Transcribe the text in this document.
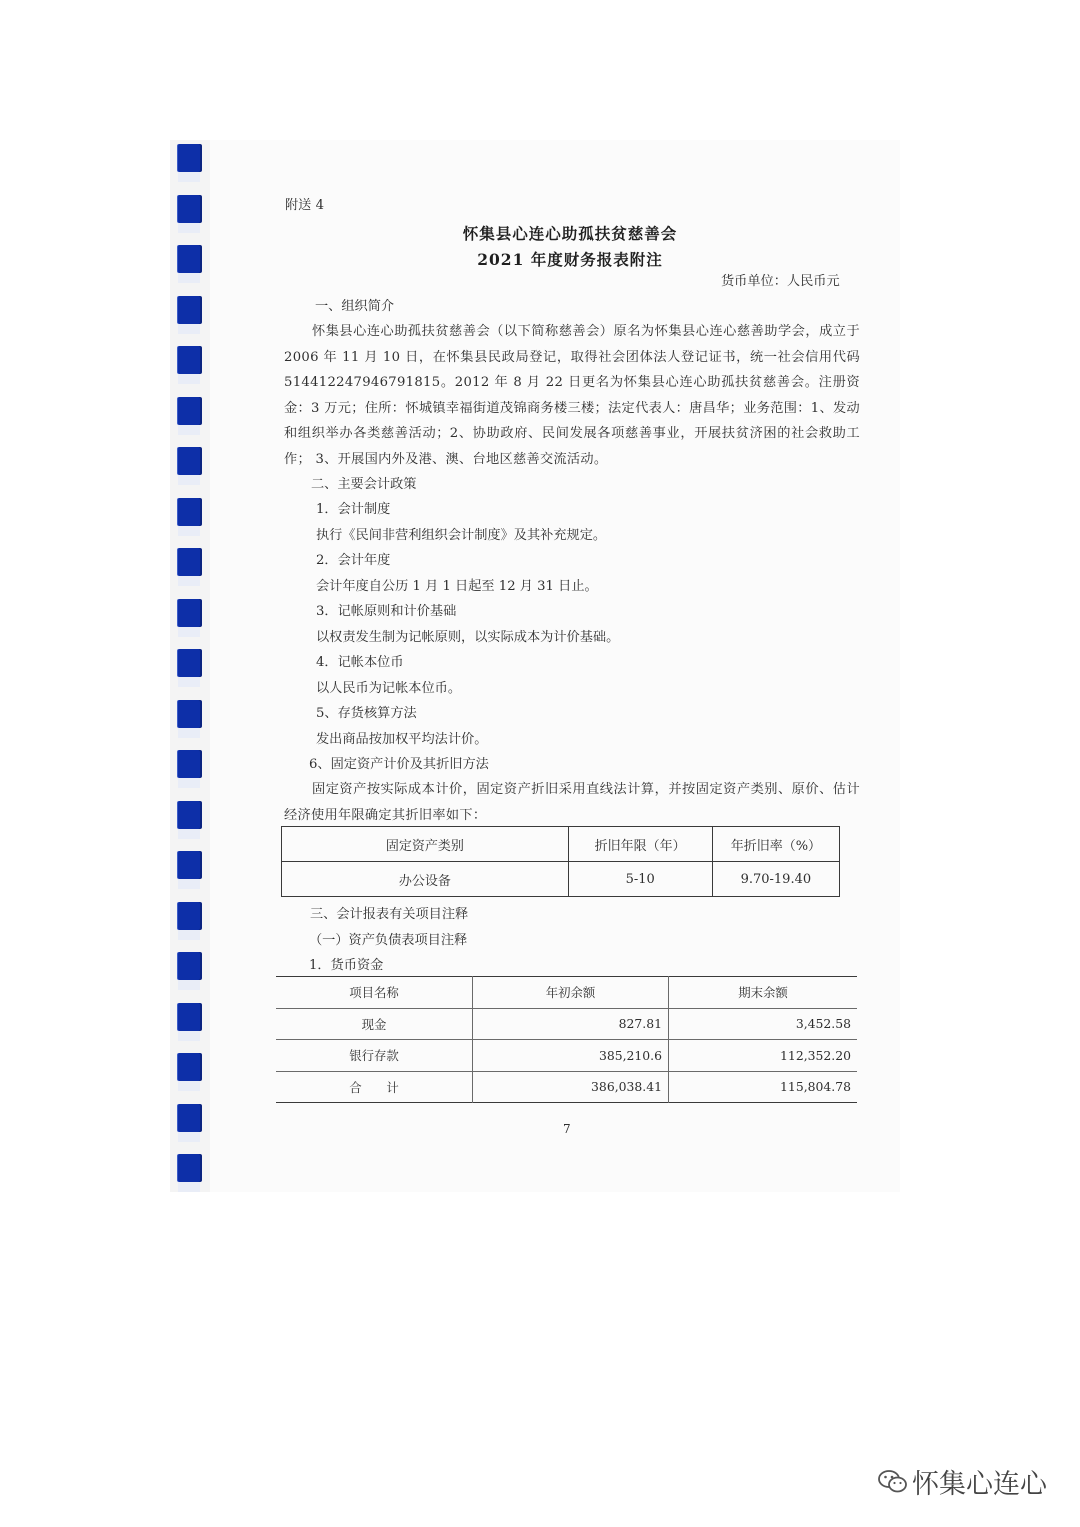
附送 4
怀集县心连心助孤扶贫慈善会
2021 年度财务报表附注
货币单位：人民币元
一、组织简介
怀集县心连心助孤扶贫慈善会（以下简称慈善会）原名为怀集县心连心慈善助学会，成立于 2006 年 11 月 10 日，在怀集县民政局登记，取得社会团体法人登记证书，统一社会信用代码 514412247946791815。2012 年 8 月 22 日更名为怀集县心连心助孤扶贫慈善会。注册资金：3 万元；住所：怀城镇幸福街道茂锦商务楼三楼；法定代表人：唐昌华；业务范围：1、发动和组织举办各类慈善活动；2、协助政府、民间发展各项慈善事业，开展扶贫济困的社会救助工作； 3、开展国内外及港、澳、台地区慈善交流活动。
二、主要会计政策
1．会计制度
执行《民间非营利组织会计制度》及其补充规定。
2．会计年度
会计年度自公历 1 月 1 日起至 12 月 31 日止。
3．记帐原则和计价基础
以权责发生制为记帐原则，以实际成本为计价基础。
4．记帐本位币
以人民币为记帐本位币。
5、存货核算方法
发出商品按加权平均法计价。
6、固定资产计价及其折旧方法
固定资产按实际成本计价，固定资产折旧采用直线法计算，并按固定资产类别、原价、估计经济使用年限确定其折旧率如下：
固定资产类别	折旧年限（年）	年折旧率（%）
办公设备	5-10	9.70-19.40
三、会计报表有关项目注释
（一）资产负债表项目注释
1．货币资金
项目名称	年初余额	期末余额
现金	827.81	3,452.58
银行存款	385,210.6	112,352.20
合　　计	386,038.41	115,804.78
7
怀集心连心
